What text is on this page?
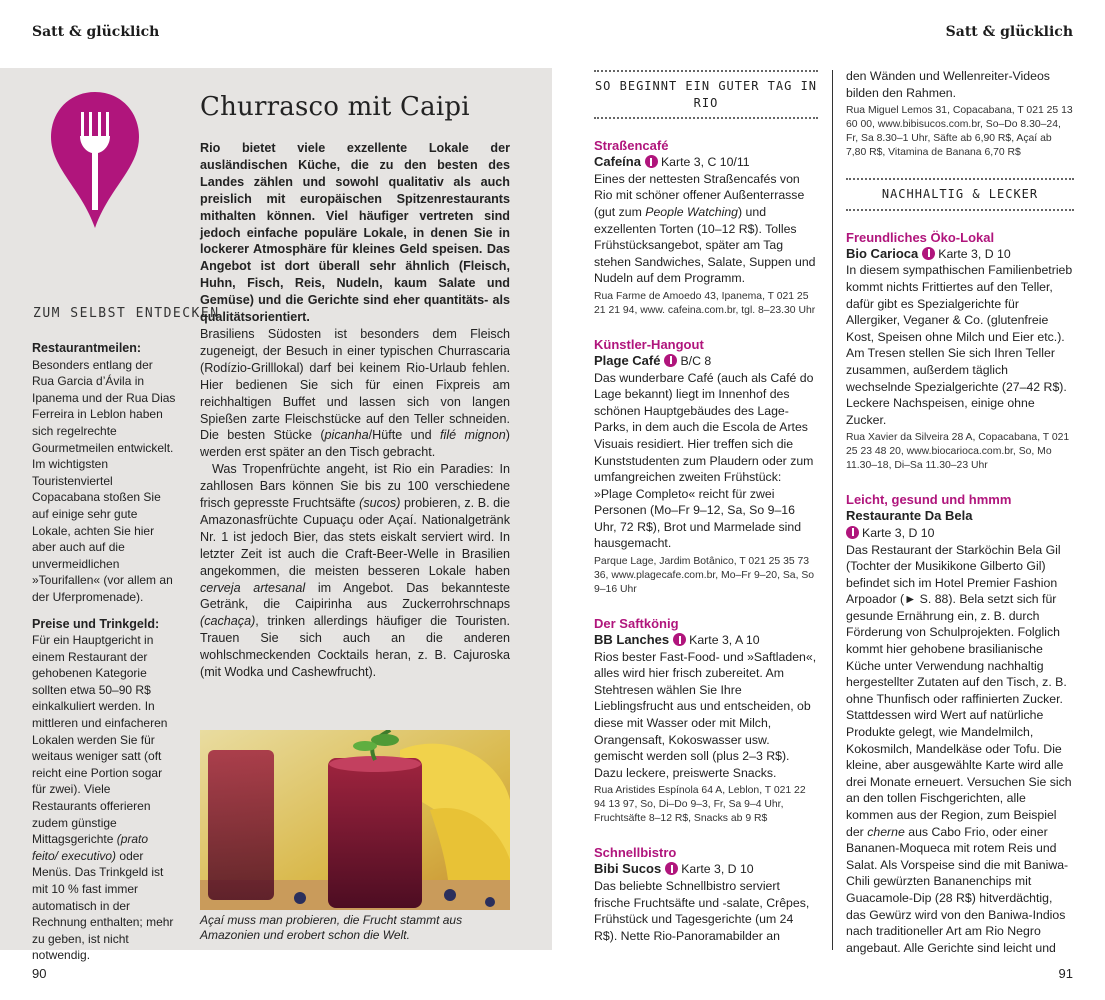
Satt & glücklich	Satt & glücklich
90	91
ZUM SELBST ENTDECKEN

Restaurantmeilen:
Besonders entlang der Rua Garcia d’Ávila in Ipanema und der Rua Dias Ferreira in Leblon haben sich regelrechte Gourmetmeilen entwickelt. Im wichtigsten Touristenviertel Copacabana stoßen Sie auf einige sehr gute Lokale, achten Sie hier aber auch auf die unvermeidlichen »Tourifallen« (vor allem an der Uferpromenade).

Preise und Trinkgeld:
Für ein Hauptgericht in einem Restaurant der gehobenen Kategorie sollten etwa 50–90 R$ einkalkuliert werden. In mittleren und einfacheren Lokalen werden Sie für weitaus weniger satt (oft reicht eine Portion sogar für zwei). Viele Restaurants offerieren zudem günstige Mittagsgerichte (prato feito/ executivo) oder Menüs. Das Trinkgeld ist mit 10 % fast immer automatisch in der Rechnung enthalten; mehr zu geben, ist nicht notwendig.

Churrasco mit Caipi

Rio bietet viele exzellente Lokale der ausländischen Küche, die zu den besten des Landes zählen und sowohl qualitativ als auch preislich mit europäischen Spitzenrestaurants mithalten können. Viel häufiger vertreten sind jedoch einfache populäre Lokale, in denen Sie in lockerer Atmosphäre für kleines Geld speisen. Das Angebot ist dort überall sehr ähnlich (Fleisch, Huhn, Fisch, Reis, Nudeln, kaum Salate und Gemüse) und die Gerichte sind eher quantitäts- als qualitätsorientiert.

Brasiliens Südosten ist besonders dem Fleisch zugeneigt, der Besuch in einer typischen Churrascaria (Rodízio-Grilllokal) darf bei keinem Rio-Urlaub fehlen. Hier bedienen Sie sich für einen Fixpreis am reichhaltigen Buffet und lassen sich von langen Spießen zarte Fleischstücke auf den Teller schneiden. Die besten Stücke (picanha/Hüfte und filé mignon) werden erst später an den Tisch gebracht.

Was Tropenfrüchte angeht, ist Rio ein Paradies: In zahllosen Bars können Sie bis zu 100 verschiedene frisch gepresste Fruchtsäfte (sucos) probieren, z. B. die Amazonasfrüchte Cupuaçu oder Açaí. Nationalgetränk Nr. 1 ist jedoch Bier, das stets eiskalt serviert wird. In letzter Zeit ist auch die Craft-Beer-Welle in Brasilien angekommen, die meisten besseren Lokale haben cerveja artesanal im Angebot. Das bekannteste Getränk, die Caipirinha aus Zuckerrohrschnaps (cachaça), trinken allerdings häufiger die Touristen. Trauen Sie sich auch an die anderen wohlschmeckenden Cocktails heran, z. B. Cajuroska (mit Wodka und Cashewfrucht).

Açaí muss man probieren, die Frucht stammt aus Amazonien und erobert schon die Welt.
SO BEGINNT EIN GUTER TAG IN RIO
Straßencafé
Cafeína Karte 3, C 10/11
Eines der nettesten Straßencafés von Rio mit schöner offener Außenterrasse (gut zum People Watching) und exzellenten Torten (10–12 R$). Tolles Frühstücksangebot, später am Tag stehen Sandwiches, Salate, Suppen und Nudeln auf dem Programm.
Rua Farme de Amoedo 43, Ipanema, T 021 25 21 21 94, www. cafeina.com.br, tgl. 8–23.30 Uhr
Künstler-Hangout
Plage Café B/C 8
Das wunderbare Café (auch als Café do Lage bekannt) liegt im Innenhof des schönen Hauptgebäudes des Lage-Parks, in dem auch die Escola de Artes Visuais residiert. Hier treffen sich die Kunststudenten zum Plaudern oder zum umfangreichen zweiten Frühstück: »Plage Completo« reicht für zwei Personen (Mo–Fr 9–12, Sa, So 9–16 Uhr, 72 R$), Brot und Marmelade sind hausgemacht.
Parque Lage, Jardim Botânico, T 021 25 35 73 36, www.plagecafe.com.br, Mo–Fr 9–20, Sa, So 9–16 Uhr
Der Saftkönig
BB Lanches Karte 3, A 10
Rios bester Fast-Food- und »Saftladen«, alles wird hier frisch zubereitet. Am Stehtresen wählen Sie Ihre Lieblingsfrucht aus und entscheiden, ob diese mit Wasser oder mit Milch, Orangensaft, Kokoswasser usw. gemischt werden soll (plus 2–3 R$). Dazu leckere, preiswerte Snacks.
Rua Aristides Espínola 64 A, Leblon, T 021 22 94 13 97, So, Di–Do 9–3, Fr, Sa 9–4 Uhr, Fruchtsäfte 8–12 R$, Snacks ab 9 R$
Schnellbistro
Bibi Sucos Karte 3, D 10
Das beliebte Schnellbistro serviert frische Fruchtsäfte und -salate, Crêpes, Frühstück und Tagesgerichte (um 24 R$). Nette Rio-Panoramabilder an
den Wänden und Wellenreiter-Videos bilden den Rahmen.
Rua Miguel Lemos 31, Copacabana, T 021 25 13 60 00, www.bibisucos.com.br, So–Do 8.30–24, Fr, Sa 8.30–1 Uhr, Säfte ab 6,90 R$, Açaí ab 7,80 R$, Vitamina de Banana 6,70 R$
NACHHALTIG & LECKER
Freundliches Öko-Lokal
Bio Carioca Karte 3, D 10
In diesem sympathischen Familienbetrieb kommt nichts Frittiertes auf den Teller, dafür gibt es Spezialgerichte für Allergiker, Veganer & Co. (glutenfreie Kost, Speisen ohne Milch und Eier etc.). Am Tresen stellen Sie sich Ihren Teller zusammen, außerdem täglich wechselnde Spezialgerichte (27–42 R$). Leckere Nachspeisen, einige ohne Zucker.
Rua Xavier da Silveira 28 A, Copacabana, T 021 25 23 48 20, www.biocarioca.com.br, So, Mo 11.30–18, Di–Sa 11.30–23 Uhr
Leicht, gesund und hmmm
Restaurante Da Bela
Karte 3, D 10
Das Restaurant der Starköchin Bela Gil (Tochter der Musikikone Gilberto Gil) befindet sich im Hotel Premier Fashion Arpoador (► S. 88). Bela setzt sich für gesunde Ernährung ein, z. B. durch Förderung von Schulprojekten. Folglich kommt hier gehobene brasilianische Küche unter Verwendung nachhaltig hergestellter Zutaten auf den Tisch, z. B. ohne Thunfisch oder raffinierten Zucker. Stattdessen wird Wert auf natürliche Produkte gelegt, wie Mandelmilch, Kokosmilch, Mandelkäse oder Tofu. Die kleine, aber ausgewählte Karte wird alle drei Monate erneuert. Versuchen Sie sich an den tollen Fischgerichten, alle kommen aus der Region, zum Beispiel der cherne aus Cabo Frio, oder einer Bananen-Moqueca mit rotem Reis und Salat. Als Vorspeise sind die mit Baniwa-Chili gewürzten Bananenchips mit Guacamole-Dip (28 R$) hitverdächtig, das Gewürz wird von den Baniwa-Indios nach traditioneller Art am Rio Negro angebaut. Alle Gerichte sind leicht und
